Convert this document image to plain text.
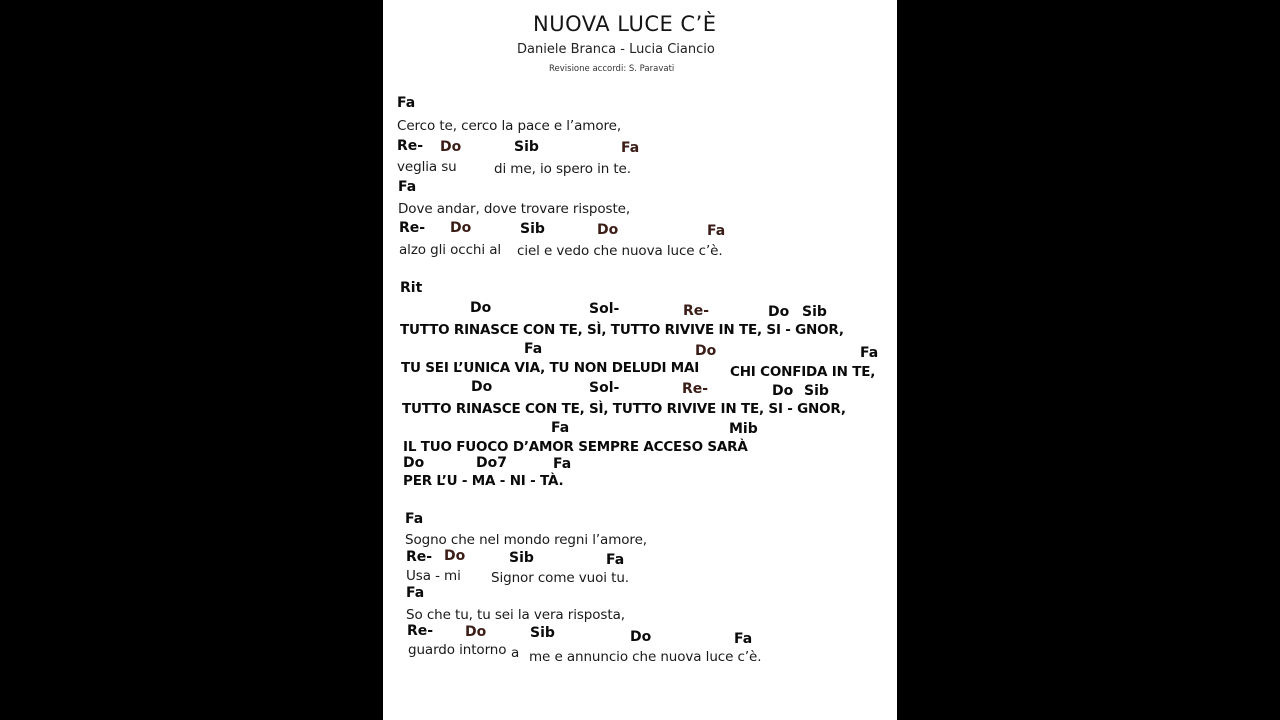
NUOVA LUCE C’È
Daniele Branca - Lucia Ciancio
Revisione accordi: S. Paravati
Fa
Cerco te, cerco la pace e l’amore,
Re- Do	Sib	Fa
veglia su	di me, io spero in te.
Fa
Dove andar, dove trovare risposte,
Re- Do	Sib	Do	Fa
alzo gli occhi al ciel e vedo che nuova luce c’è.
Rit
Do	Sol-	Re-	Do Sib
TUTTO RINASCE CON TE, SÌ, TUTTO RIVIVE IN TE, SI - GNOR,
Fa	Do	Fa
TU SEI L’UNICA VIA, TU NON DELUDI MAI CHI CONFIDA IN TE,
Do	Sol-	Re-	Do Sib
TUTTO RINASCE CON TE, SÌ, TUTTO RIVIVE IN TE, SI - GNOR,
Fa	Mib
IL TUO FUOCO D’AMOR SEMPRE ACCESO SARÀ
Do	Do7	Fa
PER L’U - MA - NI - TÀ.
Fa
Sogno che nel mondo regni l’amore,
Re- Do	Sib	Fa
Usa - mi Signor come vuoi tu.
Fa
So che tu, tu sei la vera risposta,
Re- Do	Sib	Do	Fa
guardo intorno a me e annuncio che nuova luce c’è.
